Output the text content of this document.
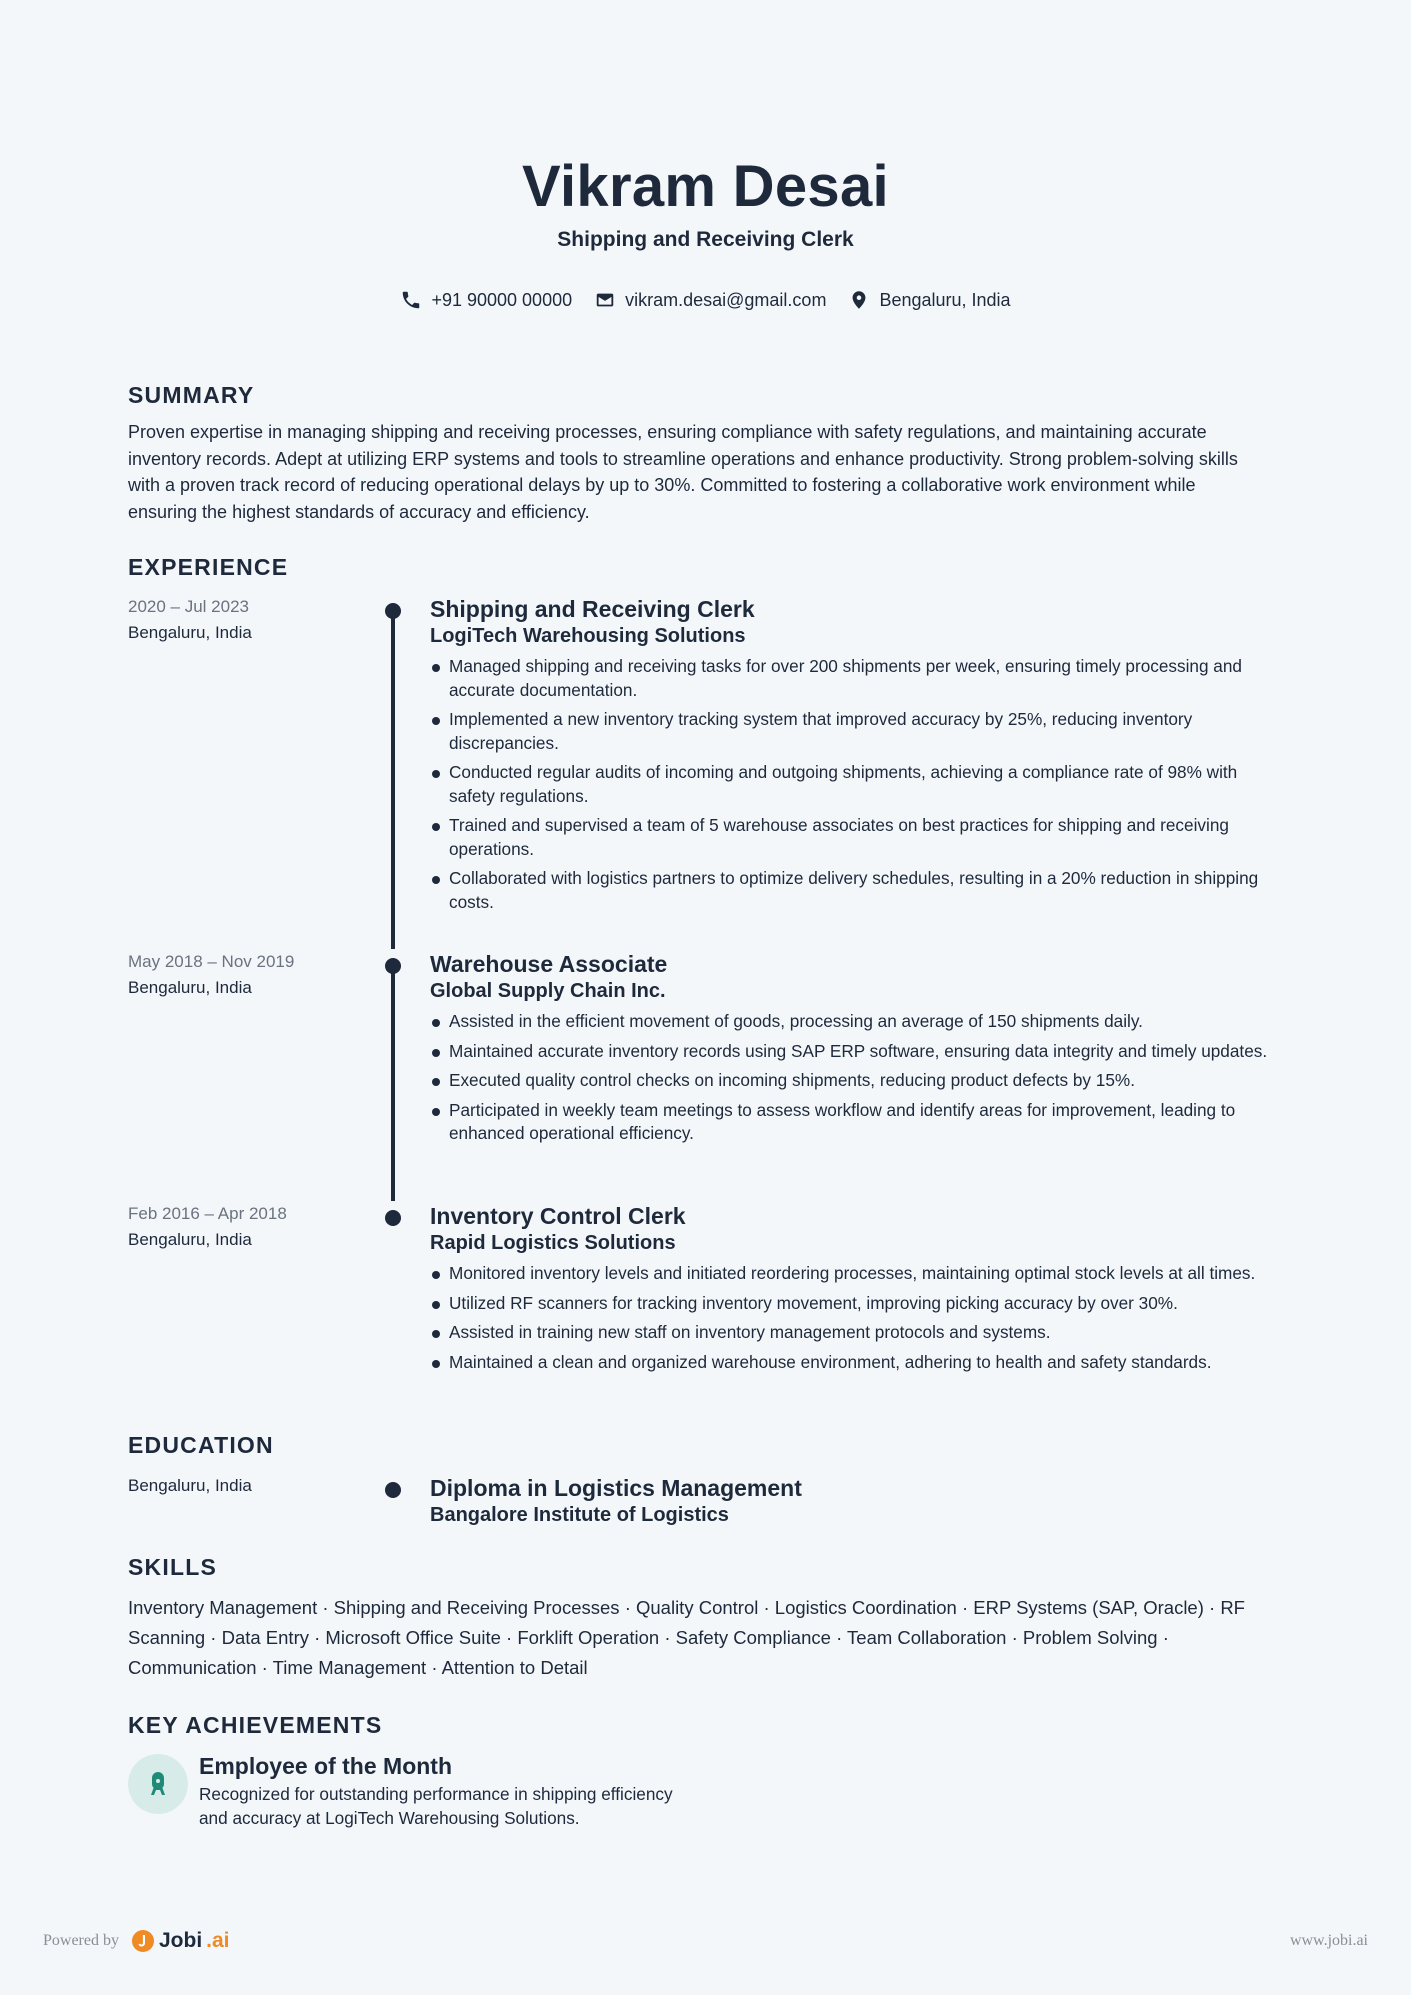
Vikram Desai
Shipping and Receiving Clerk
+91 90000 00000	vikram.desai@gmail.com	Bengaluru, India
SUMMARY

Proven expertise in managing shipping and receiving processes, ensuring compliance with safety regulations, and maintaining accurate inventory records. Adept at utilizing ERP systems and tools to streamline operations and enhance productivity. Strong problem-solving skills with a proven track record of reducing operational delays by up to 30%. Committed to fostering a collaborative work environment while ensuring the highest standards of accuracy and efficiency.

EXPERIENCE
2020 – Jul 2023
Bengaluru, India
Shipping and Receiving Clerk
LogiTech Warehousing Solutions
Managed shipping and receiving tasks for over 200 shipments per week, ensuring timely processing and accurate documentation.
Implemented a new inventory tracking system that improved accuracy by 25%, reducing inventory discrepancies.
Conducted regular audits of incoming and outgoing shipments, achieving a compliance rate of 98% with safety regulations.
Trained and supervised a team of 5 warehouse associates on best practices for shipping and receiving operations.
Collaborated with logistics partners to optimize delivery schedules, resulting in a 20% reduction in shipping costs.
May 2018 – Nov 2019
Bengaluru, India
Warehouse Associate
Global Supply Chain Inc.
Assisted in the efficient movement of goods, processing an average of 150 shipments daily.
Maintained accurate inventory records using SAP ERP software, ensuring data integrity and timely updates.
Executed quality control checks on incoming shipments, reducing product defects by 15%.
Participated in weekly team meetings to assess workflow and identify areas for improvement, leading to enhanced operational efficiency.
Feb 2016 – Apr 2018
Bengaluru, India
Inventory Control Clerk
Rapid Logistics Solutions
Monitored inventory levels and initiated reordering processes, maintaining optimal stock levels at all times.
Utilized RF scanners for tracking inventory movement, improving picking accuracy by over 30%.
Assisted in training new staff on inventory management protocols and systems.
Maintained a clean and organized warehouse environment, adhering to health and safety standards.
EDUCATION
Bengaluru, India	Diploma in Logistics Management
Bangalore Institute of Logistics
SKILLS

Inventory Management · Shipping and Receiving Processes · Quality Control · Logistics Coordination · ERP Systems (SAP, Oracle) · RF Scanning · Data Entry · Microsoft Office Suite · Forklift Operation · Safety Compliance · Team Collaboration · Problem Solving · Communication · Time Management · Attention to Detail

KEY ACHIEVEMENTS
Employee of the Month
Recognized for outstanding performance in shipping efficiency and accuracy at LogiTech Warehousing Solutions.
Powered by Jobi .ai	www.jobi.ai
